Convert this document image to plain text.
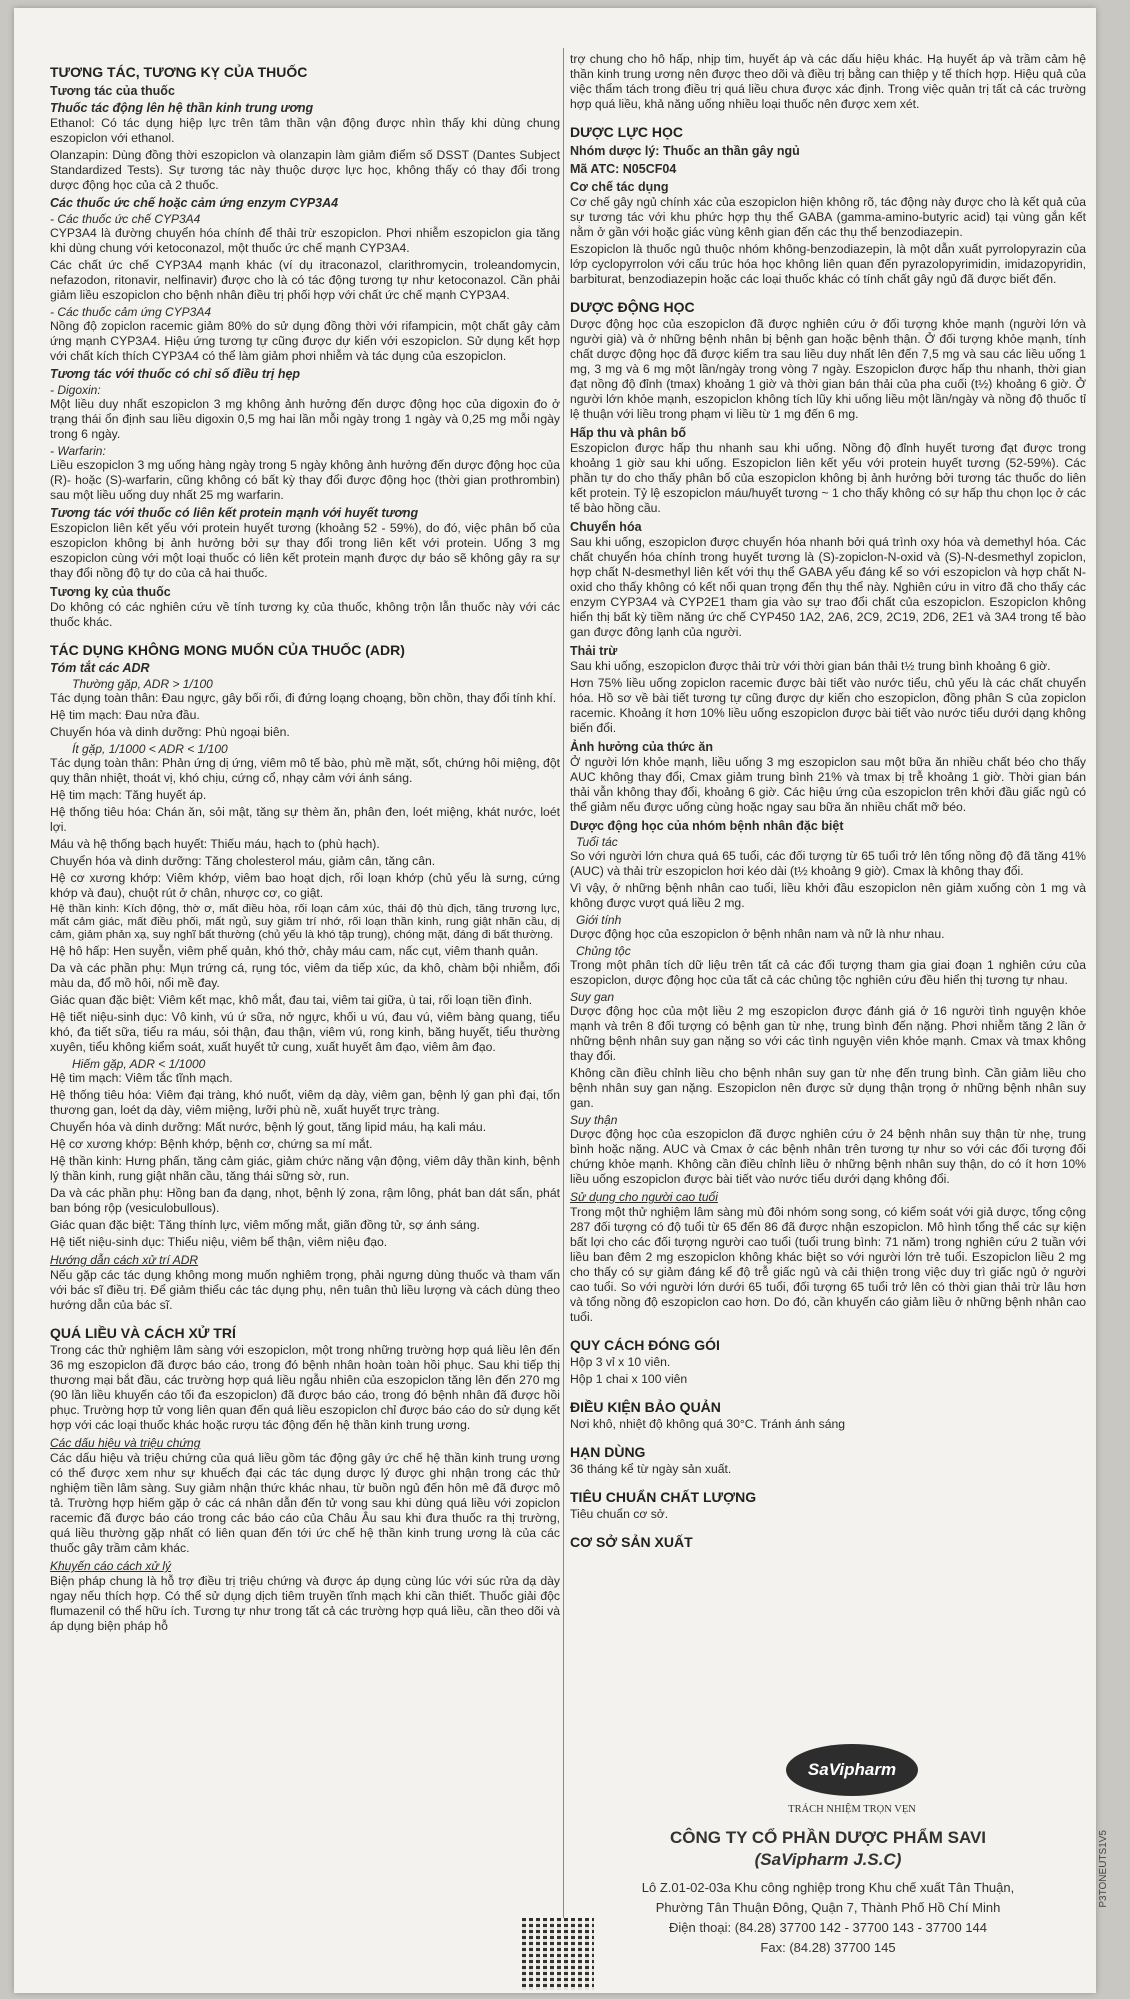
TƯƠNG TÁC, TƯƠNG KỴ CỦA THUỐC
Tương tác của thuốc
Thuốc tác động lên hệ thần kinh trung ương

Ethanol: Có tác dụng hiệp lực trên tâm thần vận động được nhìn thấy khi dùng chung eszopiclon với ethanol.

Olanzapin: Dùng đồng thời eszopiclon và olanzapin làm giảm điểm số DSST (Dantes Subject Standardized Tests). Sự tương tác này thuộc dược lực học, không thấy có thay đổi trong dược động học của cả 2 thuốc.

Các thuốc ức chế hoặc cảm ứng enzym CYP3A4
- Các thuốc ức chế CYP3A4

CYP3A4 là đường chuyển hóa chính để thải trừ eszopiclon. Phơi nhiễm eszopiclon gia tăng khi dùng chung với ketoconazol, một thuốc ức chế mạnh CYP3A4.

Các chất ức chế CYP3A4 mạnh khác (ví dụ itraconazol, clarithromycin, troleandomycin, nefazodon, ritonavir, nelfinavir) được cho là có tác động tương tự như ketoconazol. Cần phải giảm liều eszopiclon cho bệnh nhân điều trị phối hợp với chất ức chế mạnh CYP3A4.

- Các thuốc cảm ứng CYP3A4

Nồng độ zopiclon racemic giảm 80% do sử dụng đồng thời với rifampicin, một chất gây cảm ứng mạnh CYP3A4. Hiệu ứng tương tự cũng được dự kiến với eszopiclon. Sử dụng kết hợp với chất kích thích CYP3A4 có thể làm giảm phơi nhiễm và tác dụng của eszopiclon.

Tương tác với thuốc có chỉ số điều trị hẹp
- Digoxin:

Một liều duy nhất eszopiclon 3 mg không ảnh hưởng đến dược động học của digoxin đo ở trạng thái ổn định sau liều digoxin 0,5 mg hai lần mỗi ngày trong 1 ngày và 0,25 mg mỗi ngày trong 6 ngày.

- Warfarin:

Liều eszopiclon 3 mg uống hàng ngày trong 5 ngày không ảnh hưởng đến dược động học của (R)- hoặc (S)-warfarin, cũng không có bất kỳ thay đổi được động học (thời gian prothrombin) sau một liều uống duy nhất 25 mg warfarin.

Tương tác với thuốc có liên kết protein mạnh với huyết tương

Eszopiclon liên kết yếu với protein huyết tương (khoảng 52 - 59%), do đó, việc phân bố của eszopiclon không bị ảnh hưởng bởi sự thay đổi trong liên kết với protein. Uống 3 mg eszopiclon cùng với một loại thuốc có liên kết protein mạnh được dự báo sẽ không gây ra sự thay đổi nồng độ tự do của cả hai thuốc.

Tương kỵ của thuốc

Do không có các nghiên cứu về tính tương kỵ của thuốc, không trộn lẫn thuốc này với các thuốc khác.

TÁC DỤNG KHÔNG MONG MUỐN CỦA THUỐC (ADR)
Tóm tắt các ADR
Thường gặp, ADR > 1/100

Tác dụng toàn thân: Đau ngực, gây bối rối, đi đứng loạng choạng, bồn chồn, thay đổi tính khí.

Hệ tim mạch: Đau nửa đầu.

Chuyển hóa và dinh dưỡng: Phù ngoại biên.

Ít gặp, 1/1000 < ADR < 1/100

Tác dụng toàn thân: Phản ứng dị ứng, viêm mô tế bào, phù mề mặt, sốt, chứng hôi miệng, đột quỵ thân nhiệt, thoát vị, khó chịu, cứng cổ, nhạy cảm với ánh sáng.

Hệ tim mạch: Tăng huyết áp.

Hệ thống tiêu hóa: Chán ăn, sỏi mật, tăng sự thèm ăn, phân đen, loét miệng, khát nước, loét lợi.

Máu và hệ thống bạch huyết: Thiếu máu, hạch to (phù hạch).

Chuyển hóa và dinh dưỡng: Tăng cholesterol máu, giảm cân, tăng cân.

Hệ cơ xương khớp: Viêm khớp, viêm bao hoạt dịch, rối loạn khớp (chủ yếu là sưng, cứng khớp và đau), chuột rút ở chân, nhược cơ, co giật.

Hệ thần kinh: Kích động, thờ ơ, mất điều hòa, rối loạn cảm xúc, thái độ thù địch, tăng trương lực, mất cảm giác, mất điều phối, mất ngủ, suy giảm trí nhớ, rối loạn thần kinh, rung giật nhãn cầu, dị cảm, giảm phản xạ, suy nghĩ bất thường (chủ yếu là khó tập trung), chóng mặt, đáng đi bất thường.

Hệ hô hấp: Hen suyễn, viêm phế quản, khó thở, chảy máu cam, nấc cụt, viêm thanh quản.

Da và các phần phụ: Mụn trứng cá, rụng tóc, viêm da tiếp xúc, da khô, chàm bội nhiễm, đổi màu da, đổ mồ hôi, nổi mề đay.

Giác quan đặc biệt: Viêm kết mạc, khô mắt, đau tai, viêm tai giữa, ù tai, rối loạn tiền đình.

Hệ tiết niệu-sinh dục: Vô kinh, vú ứ sữa, nở ngực, khối u vú, đau vú, viêm bàng quang, tiểu khó, đa tiết sữa, tiểu ra máu, sỏi thận, đau thận, viêm vú, rong kinh, băng huyết, tiểu thường xuyên, tiểu không kiểm soát, xuất huyết tử cung, xuất huyết âm đạo, viêm âm đạo.

Hiếm gặp, ADR < 1/1000

Hệ tim mạch: Viêm tắc tĩnh mạch.

Hệ thống tiêu hóa: Viêm đại tràng, khó nuốt, viêm dạ dày, viêm gan, bệnh lý gan phì đại, tổn thương gan, loét dạ dày, viêm miệng, lưỡi phù nề, xuất huyết trực tràng.

Chuyển hóa và dinh dưỡng: Mất nước, bệnh lý gout, tăng lipid máu, hạ kali máu.

Hệ cơ xương khớp: Bệnh khớp, bệnh cơ, chứng sa mí mắt.

Hệ thần kinh: Hưng phấn, tăng cảm giác, giảm chức năng vận động, viêm dây thần kinh, bệnh lý thần kinh, rung giật nhãn cầu, tăng thái sững sờ, run.

Da và các phần phụ: Hồng ban đa dạng, nhọt, bệnh lý zona, rậm lông, phát ban dát sẩn, phát ban bóng rộp (vesiculobullous).

Giác quan đặc biệt: Tăng thính lực, viêm mống mắt, giãn đồng tử, sợ ánh sáng.

Hệ tiết niệu-sinh dục: Thiểu niệu, viêm bể thận, viêm niệu đạo.

Hướng dẫn cách xử trí ADR

Nếu gặp các tác dụng không mong muốn nghiêm trọng, phải ngưng dùng thuốc và tham vấn với bác sĩ điều trị. Để giảm thiểu các tác dụng phụ, nên tuân thủ liều lượng và cách dùng theo hướng dẫn của bác sĩ.

QUÁ LIỀU VÀ CÁCH XỬ TRÍ

Trong các thử nghiệm lâm sàng với eszopiclon, một trong những trường hợp quá liều lên đến 36 mg eszopiclon đã được báo cáo, trong đó bệnh nhân hoàn toàn hồi phục. Sau khi tiếp thị thương mại bắt đầu, các trường hợp quá liều ngẫu nhiên của eszopiclon tăng lên đến 270 mg (90 lần liều khuyến cáo tối đa eszopiclon) đã được báo cáo, trong đó bệnh nhân đã được hồi phục. Trường hợp tử vong liên quan đến quá liều eszopiclon chỉ được báo cáo do sử dụng kết hợp với các loại thuốc khác hoặc rượu tác động đến hệ thần kinh trung ương.

Các dấu hiệu và triệu chứng

Các dấu hiệu và triệu chứng của quá liều gồm tác động gây ức chế hệ thần kinh trung ương có thể được xem như sự khuếch đại các tác dụng dược lý được ghi nhận trong các thử nghiệm tiền lâm sàng. Suy giảm nhận thức khác nhau, từ buồn ngủ đến hôn mê đã được mô tả. Trường hợp hiếm gặp ở các cá nhân dẫn đến tử vong sau khi dùng quá liều với zopiclon racemic đã được báo cáo trong các báo cáo của Châu Âu sau khi đưa thuốc ra thị trường, quá liều thường gặp nhất có liên quan đến tới ức chế hệ thần kinh trung ương là của các thuốc gây trầm cảm khác.

Khuyến cáo cách xử lý

Biện pháp chung là hỗ trợ điều trị triệu chứng và được áp dụng cùng lúc với súc rửa dạ dày ngay nếu thích hợp. Có thể sử dụng dịch tiêm truyền tĩnh mạch khi cần thiết. Thuốc giải độc flumazenil có thể hữu ích. Tương tự như trong tất cả các trường hợp quá liều, cần theo dõi và áp dụng biện pháp hỗ

trợ chung cho hô hấp, nhịp tim, huyết áp và các dấu hiệu khác. Hạ huyết áp và trầm cảm hệ thần kinh trung ương nên được theo dõi và điều trị bằng can thiệp y tế thích hợp. Hiệu quả của việc thẩm tách trong điều trị quá liều chưa được xác định. Trong việc quản trị tất cả các trường hợp quá liều, khả năng uống nhiều loại thuốc nên được xem xét.

DƯỢC LỰC HỌC
Nhóm dược lý: Thuốc an thần gây ngủ
Mã ATC: N05CF04
Cơ chế tác dụng

Cơ chế gây ngủ chính xác của eszopiclon hiện không rõ, tác động này được cho là kết quả của sự tương tác với khu phức hợp thụ thể GABA (gamma-amino-butyric acid) tại vùng gắn kết nằm ở gần với hoặc giác vùng kênh gian đến các thụ thể benzodiazepin.

Eszopiclon là thuốc ngủ thuộc nhóm không-benzodiazepin, là một dẫn xuất pyrrolopyrazin của lớp cyclopyrrolon với cấu trúc hóa học không liên quan đến pyrazolopyrimidin, imidazopyridin, barbiturat, benzodiazepin hoặc các loại thuốc khác có tính chất gây ngủ đã được biết đến.

DƯỢC ĐỘNG HỌC

Dược động học của eszopiclon đã được nghiên cứu ở đối tượng khỏe mạnh (người lớn và người già) và ở những bệnh nhân bị bệnh gan hoặc bệnh thận. Ở đối tượng khỏe mạnh, tính chất dược động học đã được kiểm tra sau liều duy nhất lên đến 7,5 mg và sau các liều uống 1 mg, 3 mg và 6 mg một lần/ngày trong vòng 7 ngày. Eszopiclon được hấp thu nhanh, thời gian đạt nồng độ đỉnh (tmax) khoảng 1 giờ và thời gian bán thải của pha cuối (t½) khoảng 6 giờ. Ở người lớn khỏe mạnh, eszopiclon không tích lũy khi uống liều một lần/ngày và nồng độ thuốc tỉ lệ thuận với liều trong phạm vi liều từ 1 mg đến 6 mg.

Hấp thu và phân bố

Eszopiclon được hấp thu nhanh sau khi uống. Nồng độ đỉnh huyết tương đạt được trong khoảng 1 giờ sau khi uống. Eszopiclon liên kết yếu với protein huyết tương (52-59%). Các phần tự do cho thấy phân bố của eszopiclon không bị ảnh hưởng bởi tương tác thuốc do liên kết protein. Tỷ lệ eszopiclon máu/huyết tương ~ 1 cho thấy không có sự hấp thu chọn lọc ở các tế bào hồng cầu.

Chuyển hóa

Sau khi uống, eszopiclon được chuyển hóa nhanh bởi quá trình oxy hóa và demethyl hóa. Các chất chuyển hóa chính trong huyết tương là (S)-zopiclon-N-oxid và (S)-N-desmethyl zopiclon, hợp chất N-desmethyl liên kết với thụ thể GABA yếu đáng kể so với eszopiclon và hợp chất N-oxid cho thấy không có kết nối quan trọng đến thụ thể này. Nghiên cứu in vitro đã cho thấy các enzym CYP3A4 và CYP2E1 tham gia vào sự trao đổi chất của eszopiclon. Eszopiclon không hiển thị bất kỳ tiềm năng ức chế CYP450 1A2, 2A6, 2C9, 2C19, 2D6, 2E1 và 3A4 trong tế bào gan được đông lạnh của người.

Thải trừ

Sau khi uống, eszopiclon được thải trừ với thời gian bán thải t½ trung bình khoảng 6 giờ.

Hơn 75% liều uống zopiclon racemic được bài tiết vào nước tiểu, chủ yếu là các chất chuyển hóa. Hồ sơ về bài tiết tương tự cũng được dự kiến cho eszopiclon, đồng phân S của zopiclon racemic. Khoảng ít hơn 10% liều uống eszopiclon được bài tiết vào nước tiểu dưới dạng không biến đổi.

Ảnh hưởng của thức ăn

Ở người lớn khỏe mạnh, liều uống 3 mg eszopiclon sau một bữa ăn nhiều chất béo cho thấy AUC không thay đổi, Cmax giảm trung bình 21% và tmax bị trễ khoảng 1 giờ. Thời gian bán thải vẫn không thay đổi, khoảng 6 giờ. Các hiệu ứng của eszopiclon trên khởi đầu giấc ngủ có thể giảm nếu được uống cùng hoặc ngay sau bữa ăn nhiều chất mỡ béo.

Dược động học của nhóm bệnh nhân đặc biệt
Tuổi tác

So với người lớn chưa quá 65 tuổi, các đối tượng từ 65 tuổi trở lên tổng nồng độ đã tăng 41% (AUC) và thải trừ eszopiclon hơi kéo dài (t½ khoảng 9 giờ). Cmax là không thay đổi.

Vì vậy, ở những bệnh nhân cao tuổi, liều khởi đầu eszopiclon nên giảm xuống còn 1 mg và không được vượt quá liều 2 mg.

Giới tính

Dược động học của eszopiclon ở bệnh nhân nam và nữ là như nhau.

Chủng tộc

Trong một phân tích dữ liệu trên tất cả các đối tượng tham gia giai đoạn 1 nghiên cứu của eszopiclon, dược động học của tất cả các chủng tộc nghiên cứu đều hiển thị tương tự nhau.

Suy gan

Dược động học của một liều 2 mg eszopiclon được đánh giá ở 16 người tình nguyện khỏe mạnh và trên 8 đối tượng có bệnh gan từ nhẹ, trung bình đến nặng. Phơi nhiễm tăng 2 lần ở những bệnh nhân suy gan nặng so với các tình nguyện viên khỏe mạnh. Cmax và tmax không thay đổi.

Không cần điều chỉnh liều cho bệnh nhân suy gan từ nhẹ đến trung bình. Cần giảm liều cho bệnh nhân suy gan nặng. Eszopiclon nên được sử dụng thận trọng ở những bệnh nhân suy gan.

Suy thận

Dược động học của eszopiclon đã được nghiên cứu ở 24 bệnh nhân suy thận từ nhẹ, trung bình hoặc nặng. AUC và Cmax ở các bệnh nhân trên tương tự như so với các đối tượng đối chứng khỏe mạnh. Không cần điều chỉnh liều ở những bệnh nhân suy thận, do có ít hơn 10% liều uống eszopiclon được bài tiết vào nước tiểu dưới dạng không đổi.

Sử dụng cho người cao tuổi

Trong một thử nghiệm lâm sàng mù đôi nhóm song song, có kiểm soát với giả dược, tổng cộng 287 đối tượng có độ tuổi từ 65 đến 86 đã được nhận eszopiclon. Mô hình tổng thể các sự kiện bất lợi cho các đối tượng người cao tuổi (tuổi trung bình: 71 năm) trong nghiên cứu 2 tuần với liều ban đêm 2 mg eszopiclon không khác biệt so với người lớn trẻ tuổi. Eszopiclon liều 2 mg cho thấy có sự giảm đáng kể độ trễ giấc ngủ và cải thiện trong việc duy trì giấc ngủ ở người cao tuổi. So với người lớn dưới 65 tuổi, đối tượng 65 tuổi trở lên có thời gian thải trừ lâu hơn và tổng nồng độ eszopiclon cao hơn. Do đó, cần khuyến cáo giảm liều ở những bệnh nhân cao tuổi.

QUY CÁCH ĐÓNG GÓI

Hộp 3 vỉ x 10 viên.

Hộp 1 chai x 100 viên

ĐIỀU KIỆN BẢO QUẢN

Nơi khô, nhiệt độ không quá 30°C. Tránh ánh sáng

HẠN DÙNG

36 tháng kể từ ngày sản xuất.

TIÊU CHUẨN CHẤT LƯỢNG

Tiêu chuẩn cơ sở.

CƠ SỞ SẢN XUẤT
SaVipharm
TRÁCH NHIỆM TRỌN VẸN

CÔNG TY CỔ PHẦN DƯỢC PHẨM SAVI

(SaVipharm J.S.C)

Lô Z.01-02-03a Khu công nghiệp trong Khu chế xuất Tân Thuận,

Phường Tân Thuận Đông, Quận 7, Thành Phố Hồ Chí Minh

Điện thoại: (84.28) 37700 142 - 37700 143 - 37700 144

Fax: (84.28) 37700 145

P3TONEUTS1V5
